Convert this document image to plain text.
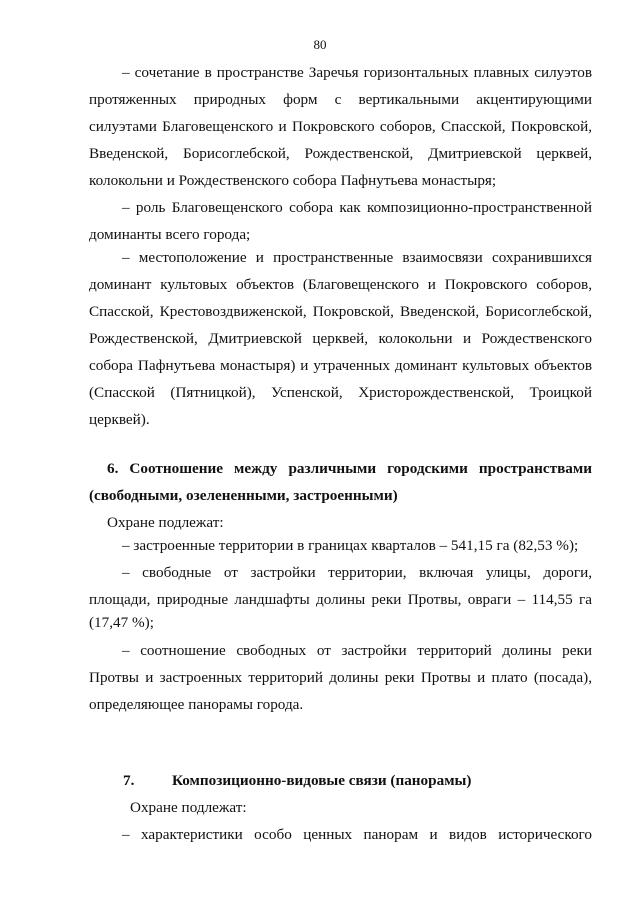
80
– сочетание в пространстве Заречья горизонтальных плавных силуэтов
протяженных природных форм с вертикальными акцентирующими
силуэтами Благовещенского и Покровского соборов, Спасской, Покровской,
Введенской, Борисоглебской, Рождественской, Дмитриевской церквей,
колокольни и Рождественского собора Пафнутьева монастыря;
– роль Благовещенского собора как композиционно-пространственной
доминанты всего города;
– местоположение и пространственные взаимосвязи сохранившихся
доминант культовых объектов (Благовещенского и Покровского соборов,
Спасской, Крестовоздвиженской, Покровской, Введенской, Борисоглебской,
Рождественской, Дмитриевской церквей, колокольни и Рождественского
собора Пафнутьева монастыря) и утраченных доминант культовых объектов
(Спасской (Пятницкой), Успенской, Христорождественской, Троицкой
церквей).
6. Соотношение между различными городскими пространствами
(свободными, озелененными, застроенными)
Охране подлежат:
– застроенные территории в границах кварталов – 541,15 га (82,53 %);
– свободные от застройки территории, включая улицы, дороги,
площади, природные ландшафты долины реки Протвы, овраги – 114,55 га
(17,47 %);
– соотношение свободных от застройки территорий долины реки
Протвы и застроенных территорий долины реки Протвы и плато (посада),
определяющее панорамы города.
7.	Композиционно-видовые связи (панорамы)
Охране подлежат:
– характеристики особо ценных панорам и видов исторического
